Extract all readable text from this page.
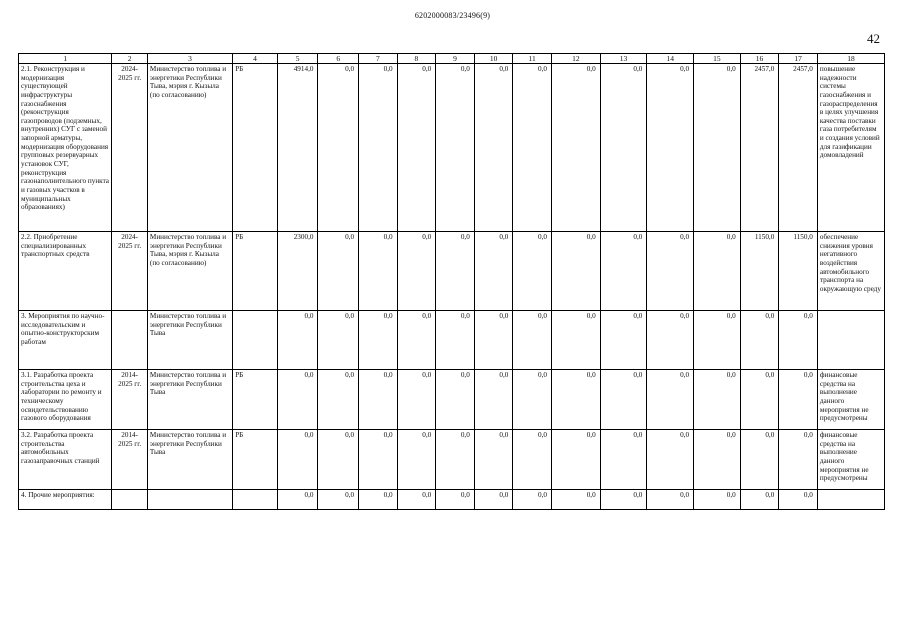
6202000083/23496(9)
42
1	2	3	4	5	6	7	8	9	10	11	12	13	14	15	16	17	18
2.1. Реконструкция и модернизация существующей инфраструктуры газоснабжения (реконструкция газопроводов (подземных, внутренних) СУГ с заменой запорной арматуры, модернизация оборудования групповых резервуарных установок СУГ, реконструкция газонаполнительного пункта и газовых участков в муниципальных образованиях)	2024-2025 гг.	Министерство топлива и энергетики Республики Тыва, мэрия г. Кызыла (по согласованию)	РБ	4914,0	0,0	0,0	0,0	0,0	0,0	0,0	0,0	0,0	0,0	0,0	2457,0	2457,0	повышение надежности системы газоснабжения и газораспределения в целях улучшения качества поставки газа потребителям и создания условий для газификации домовладений
2.2. Приобретение специализированных транспортных средств	2024-2025 гг.	Министерство топлива и энергетики Республики Тыва, мэрия г. Кызыла (по согласованию)	РБ	2300,0	0,0	0,0	0,0	0,0	0,0	0,0	0,0	0,0	0,0	0,0	1150,0	1150,0	обеспечение снижения уровня негативного воздействия автомобильного транспорта на окружающую среду
3. Мероприятия по научно-исследовательским и опытно-конструкторским работам		Министерство топлива и энергетики Республики Тыва		0,0	0,0	0,0	0,0	0,0	0,0	0,0	0,0	0,0	0,0	0,0	0,0	0,0	
3.1. Разработка проекта строительства цеха и лаборатории по ремонту и техническому освидетельствованию газового оборудования	2014-2025 гг.	Министерство топлива и энергетики Республики Тыва	РБ	0,0	0,0	0,0	0,0	0,0	0,0	0,0	0,0	0,0	0,0	0,0	0,0	0,0	финансовые средства на выполнение данного мероприятия не предусмотрены
3.2. Разработка проекта строительства автомобильных газозаправочных станций	2014-2025 гг.	Министерство топлива и энергетики Республики Тыва	РБ	0,0	0,0	0,0	0,0	0,0	0,0	0,0	0,0	0,0	0,0	0,0	0,0	0,0	финансовые средства на выполнение данного мероприятия не предусмотрены
4. Прочие мероприятия:				0,0	0,0	0,0	0,0	0,0	0,0	0,0	0,0	0,0	0,0	0,0	0,0	0,0	
